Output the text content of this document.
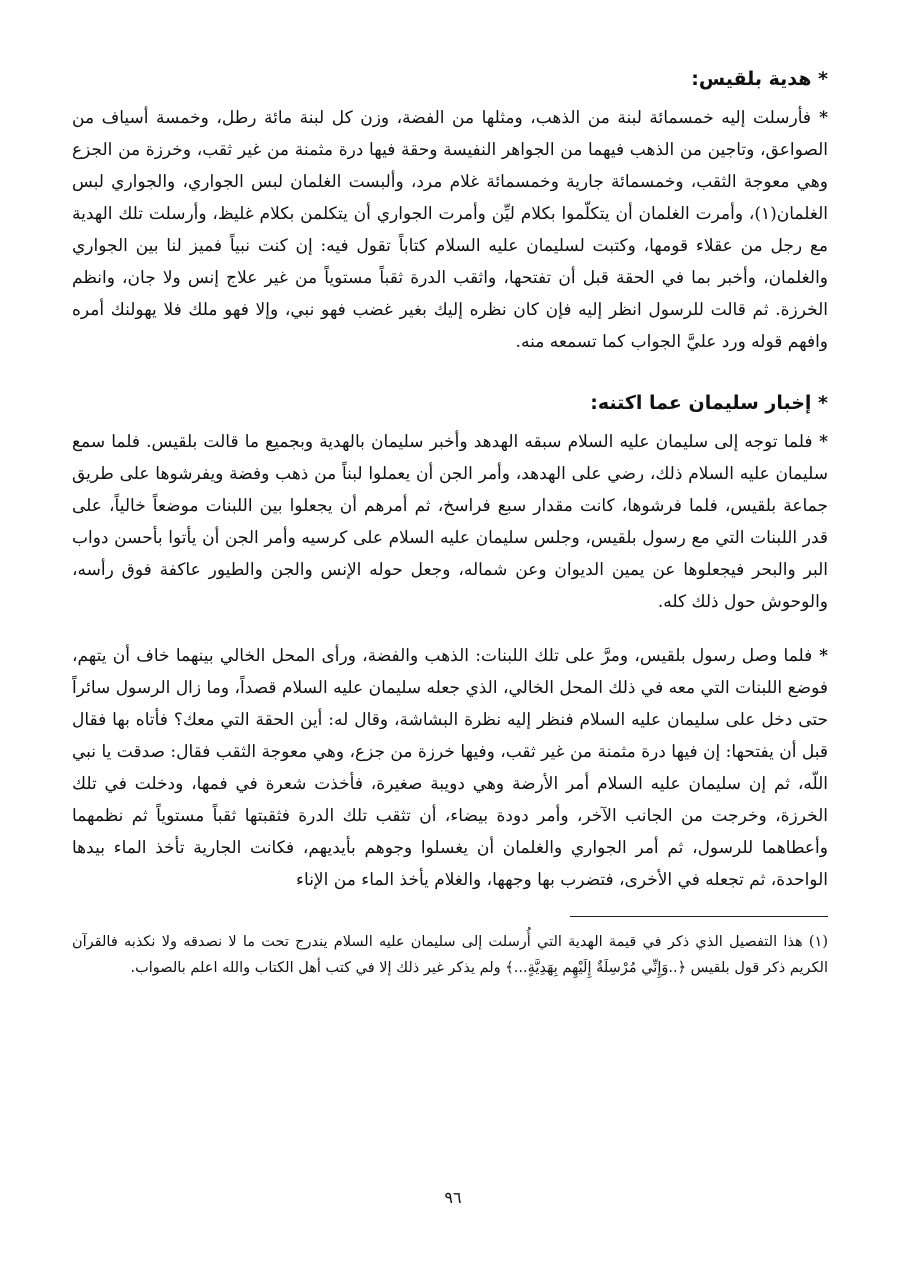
* هدية بلقيس:

* فأرسلت إليه خمسمائة لبنة من الذهب، ومثلها من الفضة، وزن كل لبنة مائة رطل، وخمسة أسياف من الصواعق، وتاجين من الذهب فيهما من الجواهر النفيسة وحقة فيها درة مثمنة من غير ثقب، وخرزة من الجزع وهي معوجة الثقب، وخمسمائة جارية وخمسمائة غلام مرد، وألبست الغلمان لبس الجواري، والجواري لبس الغلمان(١)، وأمرت الغلمان أن يتكلّموا بكلام ليِّن وأمرت الجواري أن يتكلمن بكلام غليظ، وأرسلت تلك الهدية مع رجل من عقلاء قومها، وكتبت لسليمان عليه السلام كتاباً تقول فيه: إن كنت نبياً فميز لنا بين الجواري والغلمان، وأخبر بما في الحقة قبل أن تفتحها، واثقب الدرة ثقباً مستوياً من غير علاج إنس ولا جان، وانظم الخرزة. ثم قالت للرسول انظر إليه فإن كان نظره إليك بغير غضب فهو نبي، وإلا فهو ملك فلا يهولنك أمره وافهم قوله ورد عليَّ الجواب كما تسمعه منه.

* إخبار سليمان عما اكتنه:

* فلما توجه إلى سليمان عليه السلام سبقه الهدهد وأخبر سليمان بالهدية وبجميع ما قالت بلقيس. فلما سمع سليمان عليه السلام ذلك، رضي على الهدهد، وأمر الجن أن يعملوا لبناً من ذهب وفضة ويفرشوها على طريق جماعة بلقيس، فلما فرشوها، كانت مقدار سبع فراسخ، ثم أمرهم أن يجعلوا بين اللبنات موضعاً خالياً، على قدر اللبنات التي مع رسول بلقيس، وجلس سليمان عليه السلام على كرسيه وأمر الجن أن يأتوا بأحسن دواب البر والبحر فيجعلوها عن يمين الديوان وعن شماله، وجعل حوله الإنس والجن والطيور عاكفة فوق رأسه، والوحوش حول ذلك كله.

* فلما وصل رسول بلقيس، ومرَّ على تلك اللبنات: الذهب والفضة، ورأى المحل الخالي بينهما خاف أن يتهم، فوضع اللبنات التي معه في ذلك المحل الخالي، الذي جعله سليمان عليه السلام قصداً، وما زال الرسول سائراً حتى دخل على سليمان عليه السلام فنظر إليه نظرة البشاشة، وقال له: أين الحقة التي معك؟ فأتاه بها فقال قبل أن يفتحها: إن فيها درة مثمنة من غير ثقب، وفيها خرزة من جزع، وهي معوجة الثقب فقال: صدقت يا نبي اللّه، ثم إن سليمان عليه السلام أمر الأرضة وهي دويبة صغيرة، فأخذت شعرة في فمها، ودخلت في تلك الخرزة، وخرجت من الجانب الآخر، وأمر دودة بيضاء، أن تثقب تلك الدرة فثقبتها ثقباً مستوياً ثم نظمهما وأعطاهما للرسول، ثم أمر الجواري والغلمان أن يغسلوا وجوهم بأيديهم، فكانت الجارية تأخذ الماء بيدها الواحدة، ثم تجعله في الأخرى، فتضرب بها وجهها، والغلام يأخذ الماء من الإناء

(١) هذا التفصيل الذي ذكر في قيمة الهدية التي أُرسلت إلى سليمان عليه السلام يندرج تحت ما لا نصدقه ولا نكذبه فالقرآن الكريم ذكر قول بلقيس ﴿..وَإِنِّي مُرْسِلَةٌ إِلَيْهِم بِهَدِيَّةٍ...﴾ ولم يذكر غير ذلك إلا في كتب أهل الكتاب والله اعلم بالصواب.

٩٦
